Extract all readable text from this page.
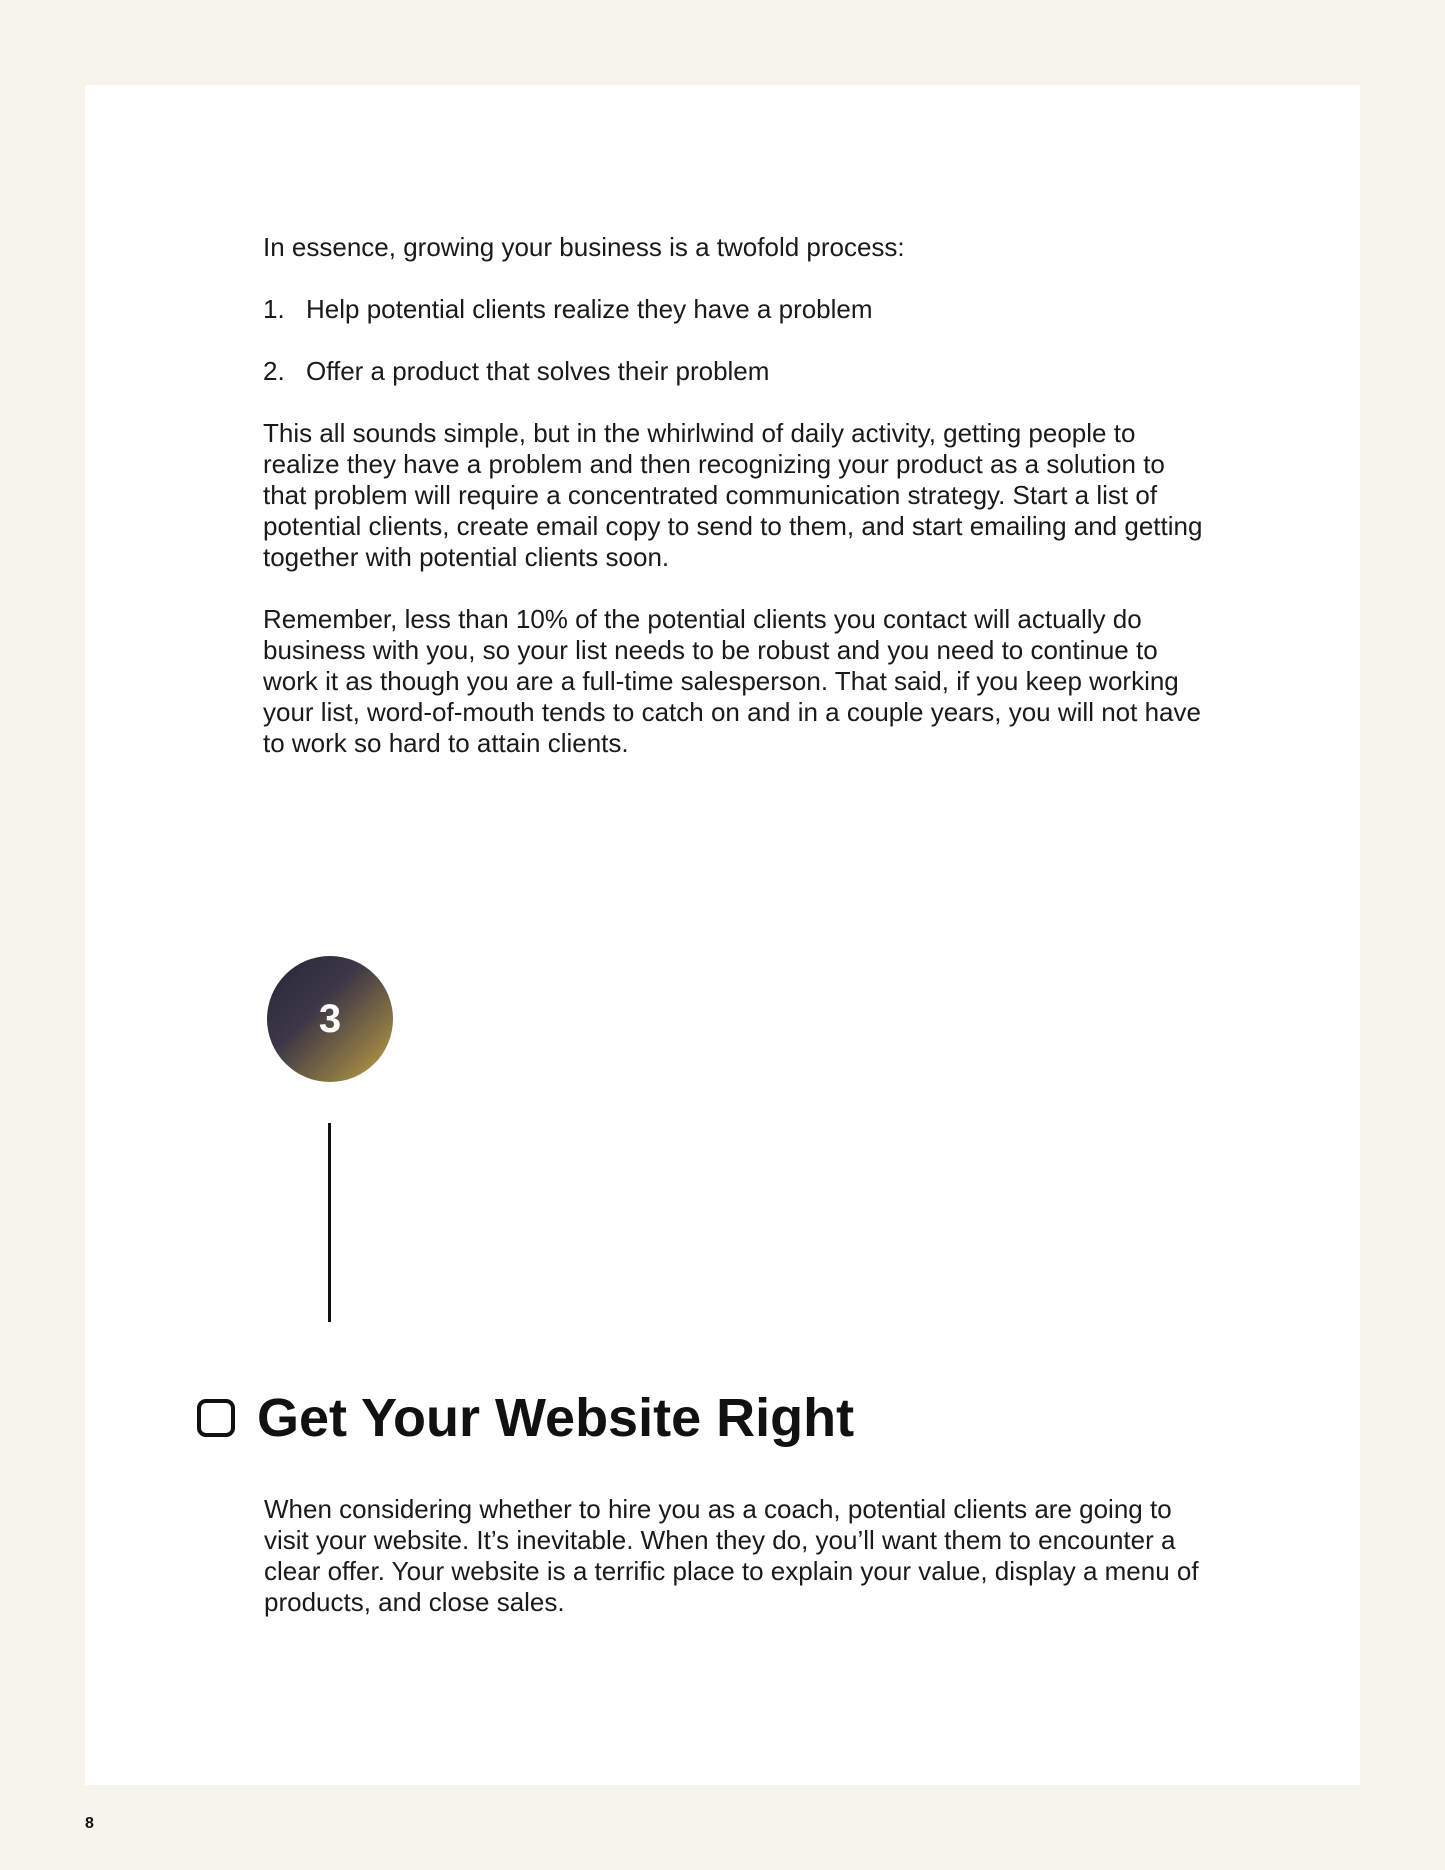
In essence, growing your business is a twofold process:

1. Help potential clients realize they have a problem
2. Offer a product that solves their problem

This all sounds simple, but in the whirlwind of daily activity, getting people to realize they have a problem and then recognizing your product as a solution to that problem will require a concentrated communication strategy. Start a list of potential clients, create email copy to send to them, and start emailing and getting together with potential clients soon.

Remember, less than 10% of the potential clients you contact will actually do business with you, so your list needs to be robust and you need to continue to work it as though you are a full-time salesperson. That said, if you keep working your list, word-of-mouth tends to catch on and in a couple years, you will not have to work so hard to attain clients.

3
Get Your Website Right

When considering whether to hire you as a coach, potential clients are going to visit your website. It’s inevitable. When they do, you’ll want them to encounter a clear offer. Your website is a terrific place to explain your value, display a menu of products, and close sales.

8
